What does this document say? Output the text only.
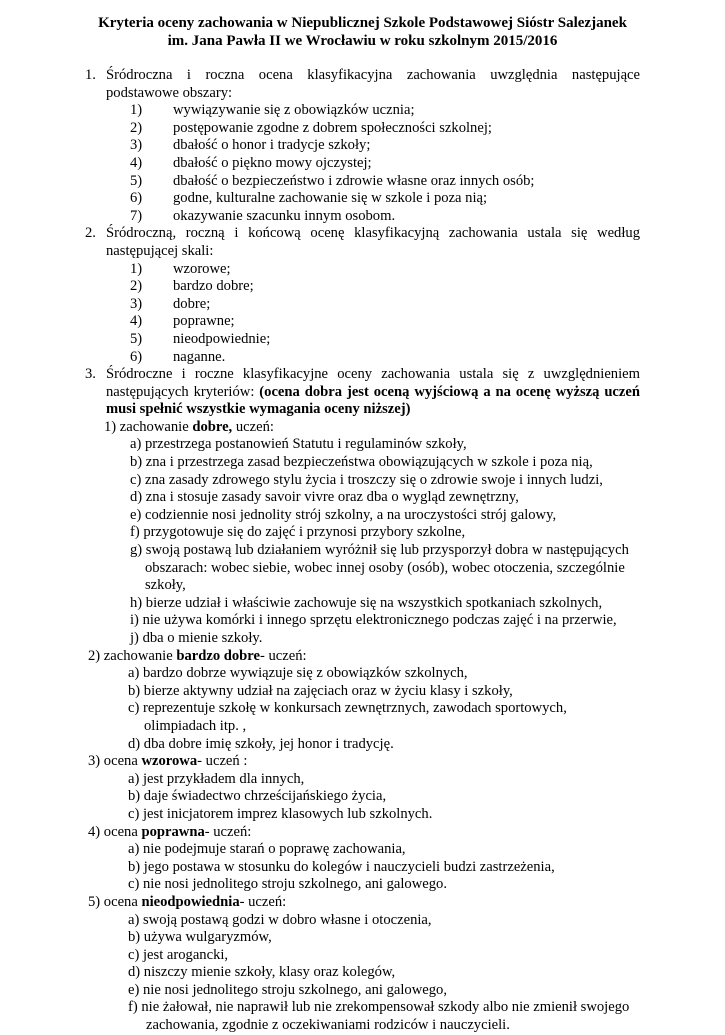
Kryteria oceny zachowania w Niepublicznej Szkole Podstawowej Sióstr Salezjanek
im. Jana Pawła II we Wrocławiu w roku szkolnym 2015/2016
1. Śródroczna i roczna ocena klasyfikacyjna zachowania uwzględnia następujące podstawowe obszary:
1) wywiązywanie się z obowiązków ucznia;
2) postępowanie zgodne z dobrem społeczności szkolnej;
3) dbałość o honor i tradycje szkoły;
4) dbałość o piękno mowy ojczystej;
5) dbałość o bezpieczeństwo i zdrowie własne oraz innych osób;
6) godne, kulturalne zachowanie się w szkole i poza nią;
7) okazywanie szacunku innym osobom.
2. Śródroczną, roczną i końcową ocenę klasyfikacyjną zachowania ustala się według następującej skali:
1) wzorowe;
2) bardzo dobre;
3) dobre;
4) poprawne;
5) nieodpowiednie;
6) naganne.
3. Śródroczne i roczne klasyfikacyjne oceny zachowania ustala się z uwzględnieniem następujących kryteriów: (ocena dobra jest oceną wyjściową a na ocenę wyższą uczeń musi spełnić wszystkie wymagania oceny niższej)
1) zachowanie dobre, uczeń:
a) przestrzega postanowień Statutu i regulaminów szkoły,
b) zna i przestrzega zasad bezpieczeństwa obowiązujących w szkole i poza nią,
c) zna zasady zdrowego stylu życia i troszczy się o zdrowie swoje i innych ludzi,
d) zna i stosuje zasady savoir vivre oraz dba o wygląd zewnętrzny,
e) codziennie nosi jednolity strój szkolny, a na uroczystości strój galowy,
f) przygotowuje się do zajęć i przynosi przybory szkolne,
g) swoją postawą lub działaniem wyróżnił się lub przysporzył dobra w następujących
obszarach: wobec siebie, wobec innej osoby (osób), wobec otoczenia, szczególnie
szkoły,
h) bierze udział i właściwie zachowuje się na wszystkich spotkaniach szkolnych,
i) nie używa komórki i innego sprzętu elektronicznego podczas zajęć i na przerwie,
j) dba o mienie szkoły.
2) zachowanie bardzo dobre- uczeń:
a) bardzo dobrze wywiązuje się z obowiązków szkolnych,
b) bierze aktywny udział na zajęciach oraz w życiu klasy i szkoły,
c) reprezentuje szkołę w konkursach zewnętrznych, zawodach sportowych,
olimpiadach itp. ,
d) dba dobre imię szkoły, jej honor i tradycję.
3) ocena wzorowa- uczeń :
a) jest przykładem dla innych,
b) daje świadectwo chrześcijańskiego życia,
c) jest inicjatorem imprez klasowych lub szkolnych.
4) ocena poprawna- uczeń:
a) nie podejmuje starań o poprawę zachowania,
b) jego postawa w stosunku do kolegów i nauczycieli budzi zastrzeżenia,
c) nie nosi jednolitego stroju szkolnego, ani galowego.
5) ocena nieodpowiednia- uczeń:
a) swoją postawą godzi w dobro własne i otoczenia,
b) używa wulgaryzmów,
c) jest arogancki,
d) niszczy mienie szkoły, klasy oraz kolegów,
e) nie nosi jednolitego stroju szkolnego, ani galowego,
f) nie żałował, nie naprawił lub nie zrekompensował szkody albo nie zmienił swojego
zachowania, zgodnie z oczekiwaniami rodziców i nauczycieli.
